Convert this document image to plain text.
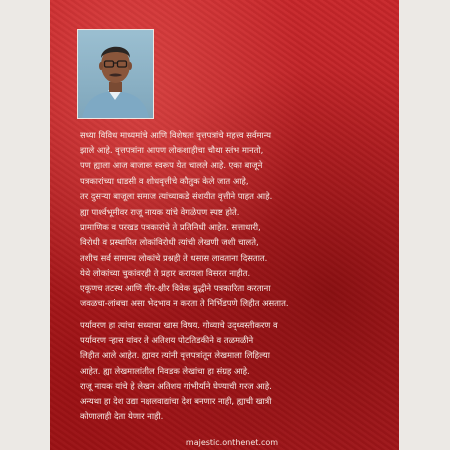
सध्या विविध माध्यमांचे आणि विशेषतः वृत्तपत्रांचे महत्त्व सर्वमान्य
झाले आहे. वृत्तपत्रांना आपण लोकशाहीचा चौथा स्तंभ मानतो,
पण ह्याला आज बाजारू स्वरूप येत चालले आहे. एका बाजूने
पत्रकारांच्या धाडसी व शोधवृत्तीचे कौतुक केले जात आहे,
तर दुसऱ्या बाजूला समाज त्यांच्याकडे संशयीत वृत्तीने पाहत आहे.
ह्या पार्श्वभूमीवर राजू नायक यांचे वेगळेपण स्पष्ट होते.
प्रामाणिक व परखड पत्रकारांचे ते प्रतिनिधी आहेत. सत्ताधारी,
विरोधी व प्रस्थापित लोकांविरोधी त्यांची लेखणी जशी चालते,
तशीच सर्व सामान्य लोकांचे प्रश्नही ते धसास लावताना दिसतात.
येथे लोकांच्या चुकांवरही ते प्रहार करायला विसरत नाहीत.
एकूणच तटस्थ आणि नीर-क्षीर विवेक बुद्धीने पत्रकारिता करताना
जवळचा-लांबचा असा भेदभाव न करता ते निर्भिडपणे लिहीत असतात.
पर्यावरण हा त्यांचा सध्याचा खास विषय. गोव्याचे उद्ध्वस्तीकरण व
पर्यावरण ऱ्हास यांवर ते अतिशय पोटतिडकीने व तळमळीने
लिहीत आले आहेत. ह्यावर त्यांनी वृत्तपत्रांतून लेखमाला लिहिल्या
आहेत. ह्या लेखमालांतील निवडक लेखांचा हा संग्रह आहे.
राजू नायक यांचे हे लेखन अतिशय गांभीर्याने घेण्याची गरज आहे.
अन्यथा हा देश उद्या नक्षलवाद्यांचा देश बनणार नाही, ह्याची खात्री
कोणालाही देता येणार नाही.
majestic.onthenet.com
